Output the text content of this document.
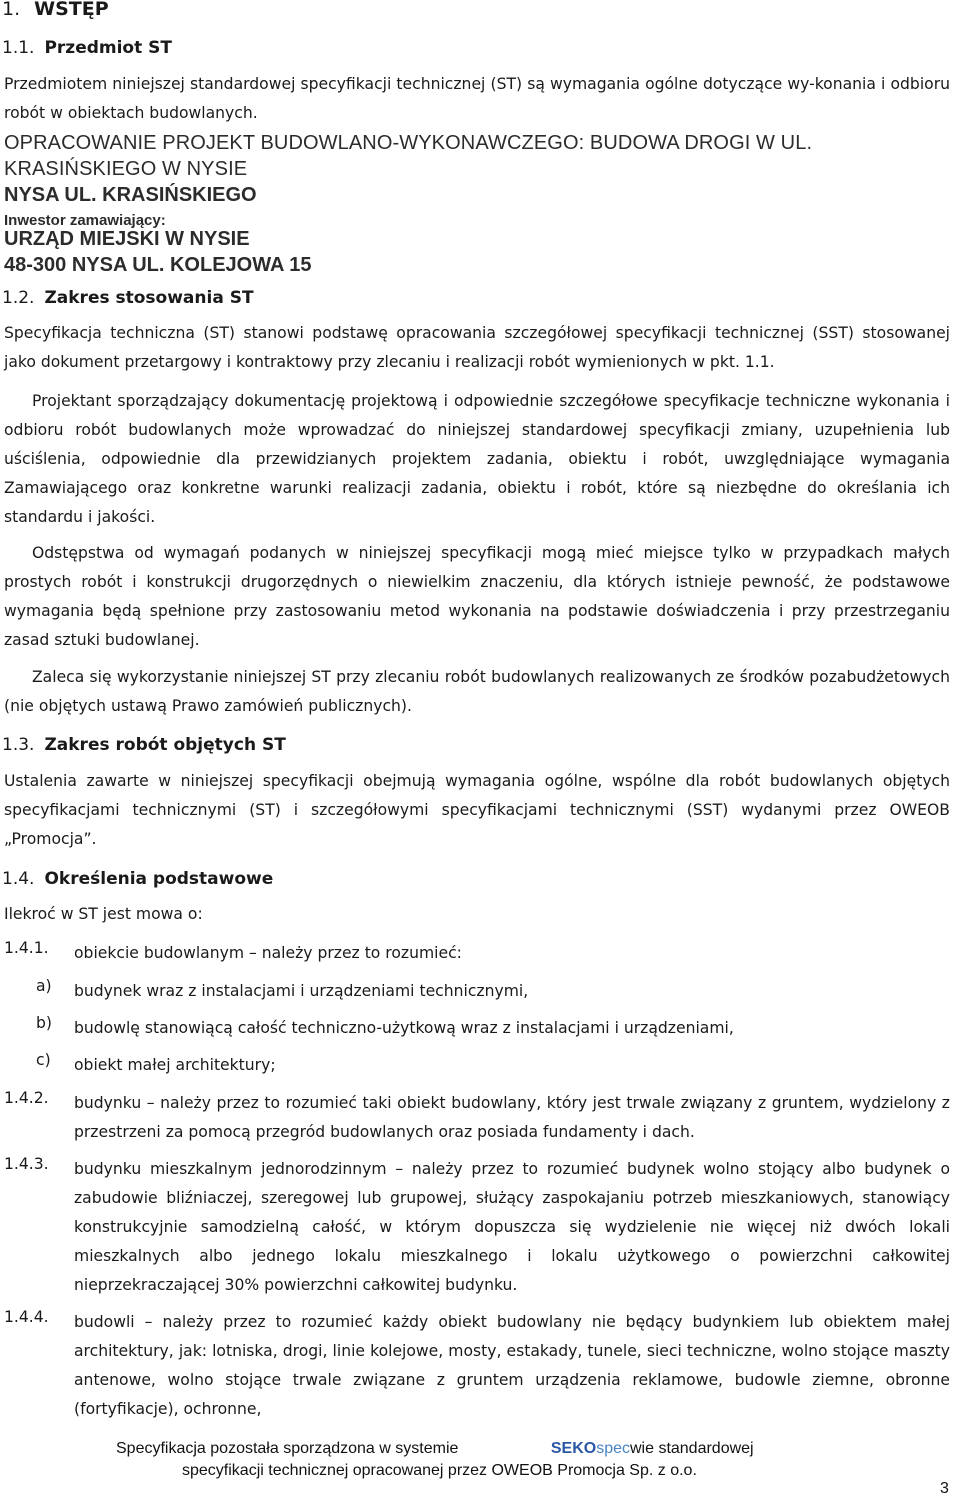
1. WSTĘP
1.1. Przedmiot ST
Przedmiotem niniejszej standardowej specyfikacji technicznej (ST) są wymagania ogólne dotyczące wy-konania i odbioru robót w obiektach budowlanych.
OPRACOWANIE PROJEKT BUDOWLANO-WYKONAWCZEGO: BUDOWA DROGI W UL.
KRASIŃSKIEGO W NYSIE
NYSA UL. KRASIŃSKIEGO
Inwestor zamawiający:
URZĄD MIEJSKI W NYSIE
48-300 NYSA UL. KOLEJOWA 15
1.2. Zakres stosowania ST
Specyfikacja techniczna (ST) stanowi podstawę opracowania szczegółowej specyfikacji technicznej (SST) stosowanej jako dokument przetargowy i kontraktowy przy zlecaniu i realizacji robót wymienionych w pkt. 1.1.
Projektant sporządzający dokumentację projektową i odpowiednie szczegółowe specyfikacje techniczne wykonania i odbioru robót budowlanych może wprowadzać do niniejszej standardowej specyfikacji zmiany, uzupełnienia lub uściślenia, odpowiednie dla przewidzianych projektem zadania, obiektu i robót, uwzględniające wymagania Zamawiającego oraz konkretne warunki realizacji zadania, obiektu i robót, które są niezbędne do określania ich standardu i jakości.
Odstępstwa od wymagań podanych w niniejszej specyfikacji mogą mieć miejsce tylko w przypadkach małych prostych robót i konstrukcji drugorzędnych o niewielkim znaczeniu, dla których istnieje pewność, że podstawowe wymagania będą spełnione przy zastosowaniu metod wykonania na podstawie doświadczenia i przy przestrzeganiu zasad sztuki budowlanej.
Zaleca się wykorzystanie niniejszej ST przy zlecaniu robót budowlanych realizowanych ze środków pozabudżetowych (nie objętych ustawą Prawo zamówień publicznych).
1.3. Zakres robót objętych ST
Ustalenia zawarte w niniejszej specyfikacji obejmują wymagania ogólne, wspólne dla robót budowlanych objętych specyfikacjami technicznymi (ST) i szczegółowymi specyfikacjami technicznymi (SST) wydanymi przez OWEOB „Promocja”.
1.4. Określenia podstawowe
Ilekroć w ST jest mowa o:
1.4.1. obiekcie budowlanym – należy przez to rozumieć:
a) budynek wraz z instalacjami i urządzeniami technicznymi,
b) budowlę stanowiącą całość techniczno-użytkową wraz z instalacjami i urządzeniami,
c) obiekt małej architektury;
1.4.2. budynku – należy przez to rozumieć taki obiekt budowlany, który jest trwale związany z gruntem, wydzielony z przestrzeni za pomocą przegród budowlanych oraz posiada fundamenty i dach.
1.4.3. budynku mieszkalnym jednorodzinnym – należy przez to rozumieć budynek wolno stojący albo budynek o zabudowie bliźniaczej, szeregowej lub grupowej, służący zaspokajaniu potrzeb mieszkaniowych, stanowiący konstrukcyjnie samodzielną całość, w którym dopuszcza się wydzielenie nie więcej niż dwóch lokali mieszkalnych albo jednego lokalu mieszkalnego i lokalu użytkowego o powierzchni całkowitej nieprzekraczającej 30% powierzchni całkowitej budynku.
1.4.4. budowli – należy przez to rozumieć każdy obiekt budowlany nie będący budynkiem lub obiektem małej architektury, jak: lotniska, drogi, linie kolejowe, mosty, estakady, tunele, sieci techniczne, wolno stojące maszty antenowe, wolno stojące trwale związane z gruntem urządzenia reklamowe, budowle ziemne, obronne (fortyfikacje), ochronne,
Specyfikacja pozostała sporządzona w systemie	SEKOspecwie standardowej
specyfikacji technicznej opracowanej przez OWEOB Promocja Sp. z o.o.
3
